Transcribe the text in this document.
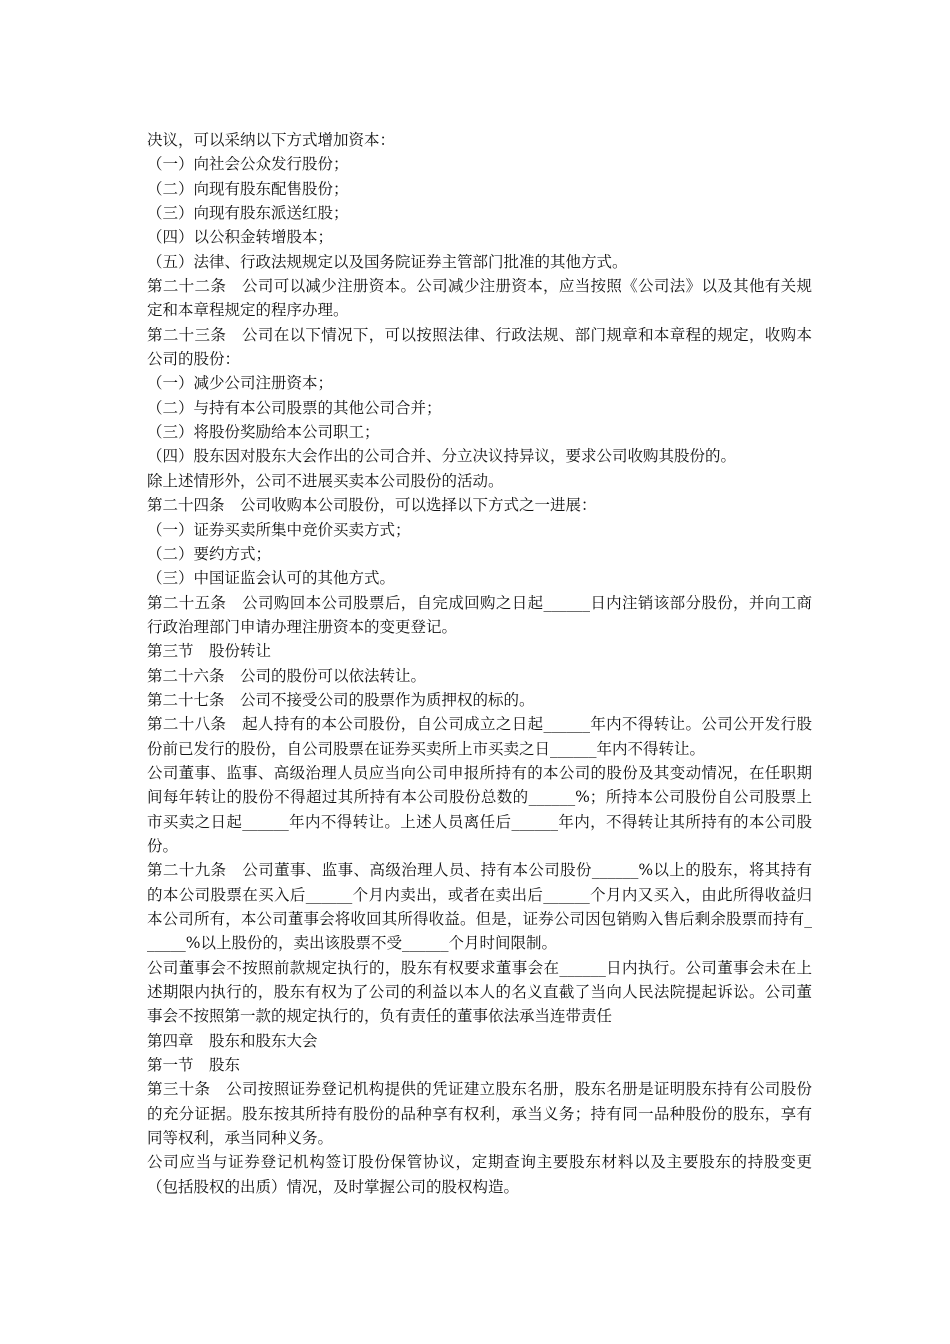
决议，可以采纳以下方式增加资本：

（一）向社会公众发行股份；

（二）向现有股东配售股份；

（三）向现有股东派送红股；

（四）以公积金转增股本；

（五）法律、行政法规规定以及国务院证券主管部门批准的其他方式。

第二十二条　公司可以减少注册资本。公司减少注册资本，应当按照《公司法》以及其他有关规定和本章程规定的程序办理。

第二十三条　公司在以下情况下，可以按照法律、行政法规、部门规章和本章程的规定，收购本公司的股份：

（一）减少公司注册资本；

（二）与持有本公司股票的其他公司合并；

（三）将股份奖励给本公司职工；

（四）股东因对股东大会作出的公司合并、分立决议持异议，要求公司收购其股份的。

除上述情形外，公司不进展买卖本公司股份的活动。

第二十四条　公司收购本公司股份，可以选择以下方式之一进展：

（一）证券买卖所集中竞价买卖方式；

（二）要约方式；

（三）中国证监会认可的其他方式。

第二十五条　公司购回本公司股票后，自完成回购之日起______日内注销该部分股份，并向工商行政治理部门申请办理注册资本的变更登记。

第三节　股份转让

第二十六条　公司的股份可以依法转让。

第二十七条　公司不接受公司的股票作为质押权的标的。

第二十八条　起人持有的本公司股份，自公司成立之日起______年内不得转让。公司公开发行股份前已发行的股份，自公司股票在证券买卖所上市买卖之日______年内不得转让。

公司董事、监事、高级治理人员应当向公司申报所持有的本公司的股份及其变动情况，在任职期间每年转让的股份不得超过其所持有本公司股份总数的______%；所持本公司股份自公司股票上市买卖之日起______年内不得转让。上述人员离任后______年内，不得转让其所持有的本公司股份。

第二十九条　公司董事、监事、高级治理人员、持有本公司股份______%以上的股东，将其持有的本公司股票在买入后______个月内卖出，或者在卖出后______个月内又买入，由此所得收益归本公司所有，本公司董事会将收回其所得收益。但是，证券公司因包销购入售后剩余股票而持有______%以上股份的，卖出该股票不受______个月时间限制。

公司董事会不按照前款规定执行的，股东有权要求董事会在______日内执行。公司董事会未在上述期限内执行的，股东有权为了公司的利益以本人的名义直截了当向人民法院提起诉讼。公司董事会不按照第一款的规定执行的，负有责任的董事依法承当连带责任

第四章　股东和股东大会

第一节　股东

第三十条　公司按照证券登记机构提供的凭证建立股东名册，股东名册是证明股东持有公司股份的充分证据。股东按其所持有股份的品种享有权利，承当义务；持有同一品种股份的股东，享有同等权利，承当同种义务。

公司应当与证券登记机构签订股份保管协议，定期查询主要股东材料以及主要股东的持股变更（包括股权的出质）情况，及时掌握公司的股权构造。
